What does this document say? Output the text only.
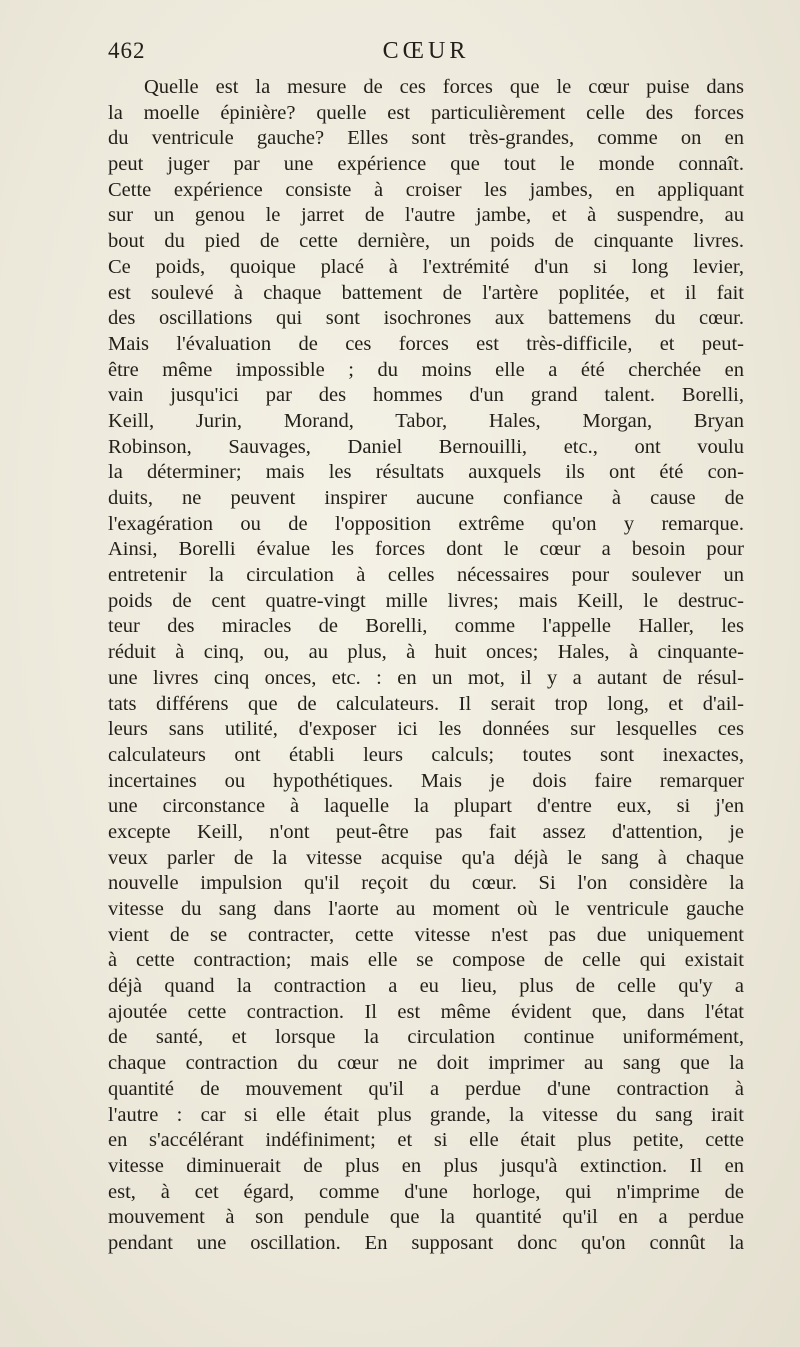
462	CŒUR
Quelle est la mesure de ces forces que le cœur puise dans
la moelle épinière? quelle est particulièrement celle des forces
du ventricule gauche? Elles sont très-grandes, comme on en
peut juger par une expérience que tout le monde connaît.
Cette expérience consiste à croiser les jambes, en appliquant
sur un genou le jarret de l'autre jambe, et à suspendre, au
bout du pied de cette dernière, un poids de cinquante livres.
Ce poids, quoique placé à l'extrémité d'un si long levier,
est soulevé à chaque battement de l'artère poplitée, et il fait
des oscillations qui sont isochrones aux battemens du cœur.
Mais l'évaluation de ces forces est très-difficile, et peut-
être même impossible ; du moins elle a été cherchée en
vain jusqu'ici par des hommes d'un grand talent. Borelli,
Keill, Jurin, Morand, Tabor, Hales, Morgan, Bryan
Robinson, Sauvages, Daniel Bernouilli, etc., ont voulu
la déterminer; mais les résultats auxquels ils ont été con-
duits, ne peuvent inspirer aucune confiance à cause de
l'exagération ou de l'opposition extrême qu'on y remarque.
Ainsi, Borelli évalue les forces dont le cœur a besoin pour
entretenir la circulation à celles nécessaires pour soulever un
poids de cent quatre-vingt mille livres; mais Keill, le destruc-
teur des miracles de Borelli, comme l'appelle Haller, les
réduit à cinq, ou, au plus, à huit onces; Hales, à cinquante-
une livres cinq onces, etc. : en un mot, il y a autant de résul-
tats différens que de calculateurs. Il serait trop long, et d'ail-
leurs sans utilité, d'exposer ici les données sur lesquelles ces
calculateurs ont établi leurs calculs; toutes sont inexactes,
incertaines ou hypothétiques. Mais je dois faire remarquer
une circonstance à laquelle la plupart d'entre eux, si j'en
excepte Keill, n'ont peut-être pas fait assez d'attention, je
veux parler de la vitesse acquise qu'a déjà le sang à chaque
nouvelle impulsion qu'il reçoit du cœur. Si l'on considère la
vitesse du sang dans l'aorte au moment où le ventricule gauche
vient de se contracter, cette vitesse n'est pas due uniquement
à cette contraction; mais elle se compose de celle qui existait
déjà quand la contraction a eu lieu, plus de celle qu'y a
ajoutée cette contraction. Il est même évident que, dans l'état
de santé, et lorsque la circulation continue uniformément,
chaque contraction du cœur ne doit imprimer au sang que la
quantité de mouvement qu'il a perdue d'une contraction à
l'autre : car si elle était plus grande, la vitesse du sang irait
en s'accélérant indéfiniment; et si elle était plus petite, cette
vitesse diminuerait de plus en plus jusqu'à extinction. Il en
est, à cet égard, comme d'une horloge, qui n'imprime de
mouvement à son pendule que la quantité qu'il en a perdue
pendant une oscillation. En supposant donc qu'on connût la
